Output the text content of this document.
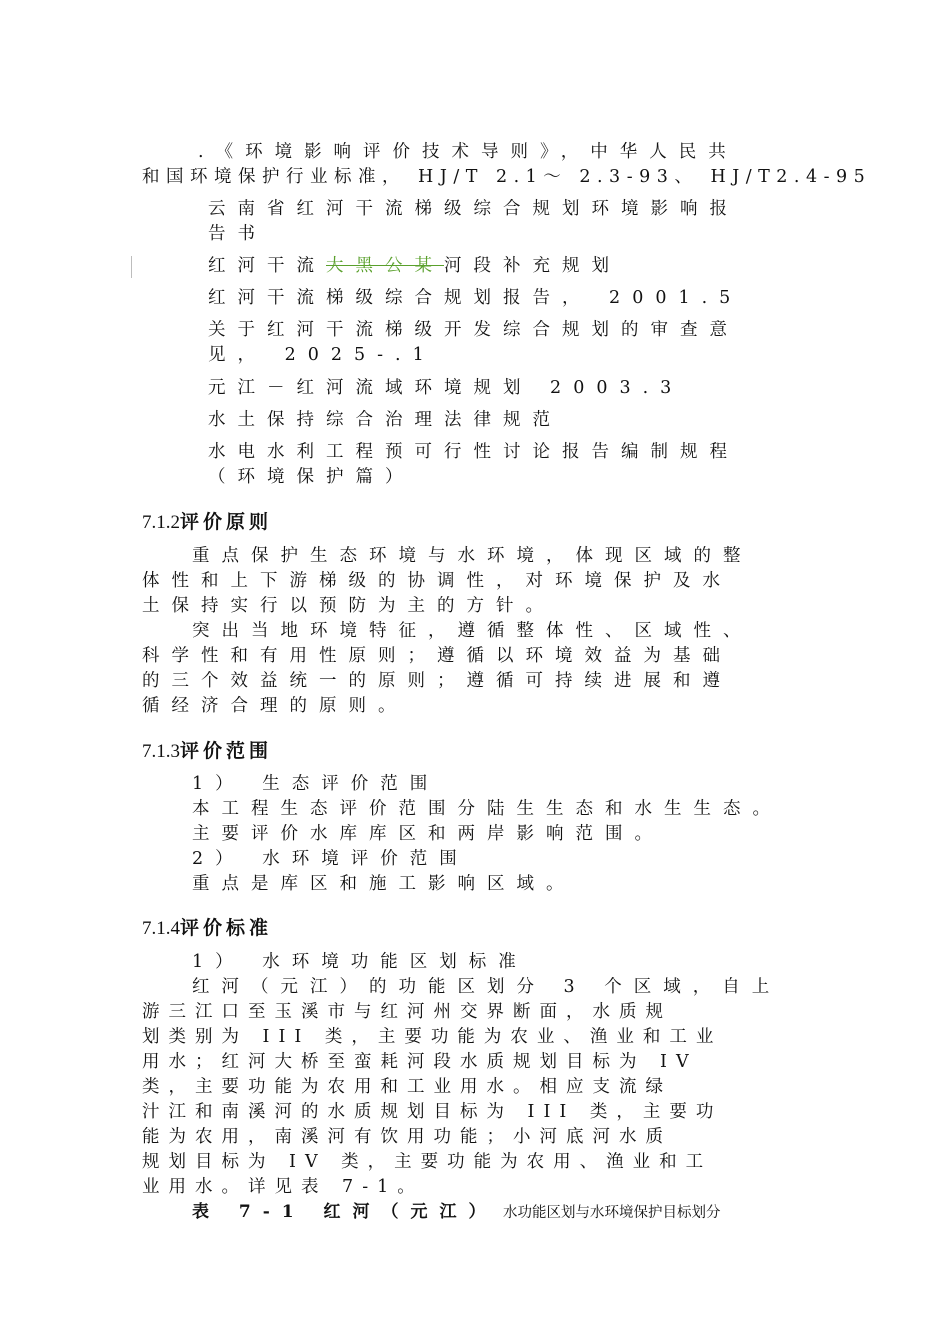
.《环境影响评价技术导则》，中华人民共
和国环境保护行业标准， HJ/T 2.1～ 2.3-93、 HJ/T2.4-95
云南省红河干流梯级综合规划环境影响报
告书
红河干流大黑公某河段补充规划
红河干流梯级综合规划报告， 2001.5
关于红河干流梯级开发综合规划的审查意
见， 2025-.1
元江－红河流域环境规划 2003.3
水土保持综合治理法律规范
水电水利工程预可行性讨论报告编制规程
（环境保护篇）
7.1.2评价原则
重点保护生态环境与水环境，体现区域的整
体性和上下游梯级的协调性，对环境保护及水
土保持实行以预防为主的方针。
突出当地环境特征，遵循整体性、区域性、
科学性和有用性原则；遵循以环境效益为基础
的三个效益统一的原则；遵循可持续进展和遵
循经济合理的原则。
7.1.3评价范围
1） 生态评价范围
本工程生态评价范围分陆生生态和水生生态。
主要评价水库库区和两岸影响范围。
2） 水环境评价范围
重点是库区和施工影响区域。
7.1.4评价标准
1） 水环境功能区划标准
红河（元江）的功能区划分 3 个区域，自上
游三江口至玉溪市与红河州交界断面，水质规
划类别为 III 类，主要功能为农业、渔业和工业
用水；红河大桥至蛮耗河段水质规划目标为 IV
类，主要功能为农用和工业用水。相应支流绿
汁江和南溪河的水质规划目标为 III 类，主要功
能为农用，南溪河有饮用功能；小河底河水质
规划目标为 IV 类，主要功能为农用、渔业和工
业用水。详见表 7-1。
表 7-1 红河（元江） 水功能区划与水环境保护目标划分
